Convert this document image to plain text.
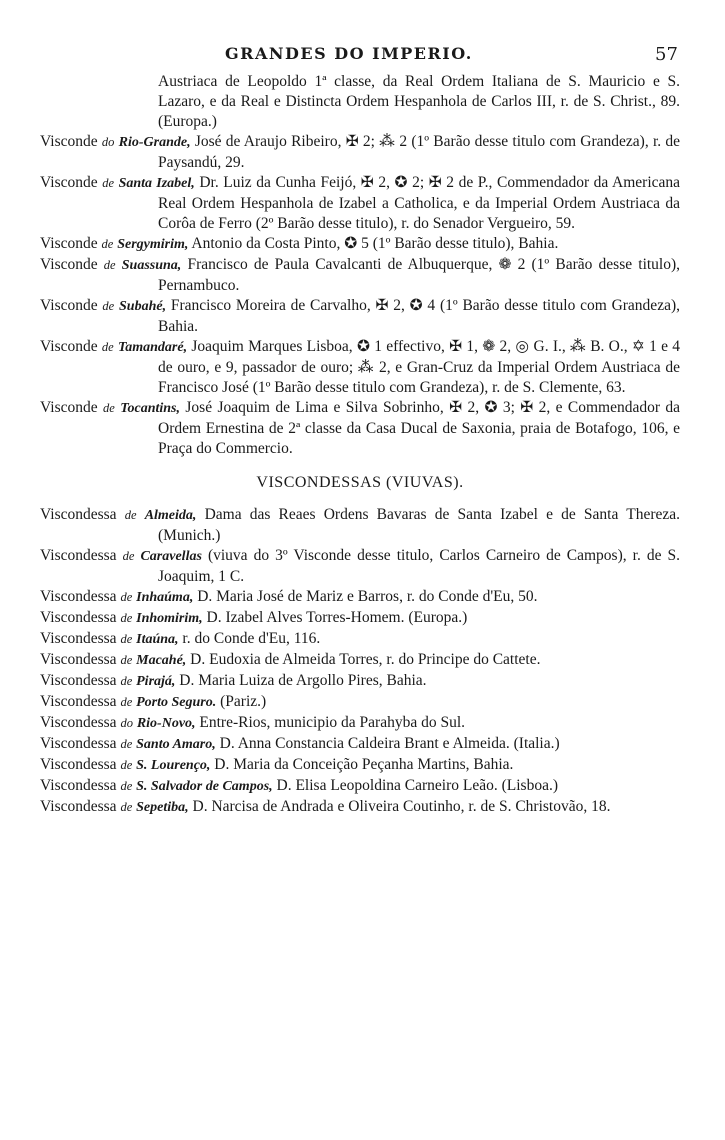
GRANDES DO IMPERIO.	57
Austriaca de Leopoldo 1ª classe, da Real Ordem Italiana de S. Mauricio e S. Lazaro, e da Real e Distincta Ordem Hespanhola de Carlos III, r. de S. Christ., 89. (Europa.)
Visconde do Rio-Grande, José de Araujo Ribeiro, ✠ 2; ⁂ 2 (1º Barão desse titulo com Grandeza), r. de Paysandú, 29.
Visconde de Santa Izabel, Dr. Luiz da Cunha Feijó, ✠ 2, ✪ 2; ✠ 2 de P., Commendador da Americana Real Ordem Hespanhola de Izabel a Catholica, e da Imperial Ordem Austriaca da Corôa de Ferro (2º Barão desse titulo), r. do Senador Vergueiro, 59.
Visconde de Sergymirim, Antonio da Costa Pinto, ✪ 5 (1º Barão desse titulo), Bahia.
Visconde de Suassuna, Francisco de Paula Cavalcanti de Albuquerque, ❁ 2 (1º Barão desse titulo), Pernambuco.
Visconde de Subahé, Francisco Moreira de Carvalho, ✠ 2, ✪ 4 (1º Barão desse titulo com Grandeza), Bahia.
Visconde de Tamandaré, Joaquim Marques Lisboa, ✪ 1 effectivo, ✠ 1, ❁ 2, ◎ G. I., ⁂ B. O., ✡ 1 e 4 de ouro, e 9, passador de ouro; ⁂ 2, e Gran-Cruz da Imperial Ordem Austriaca de Francisco José (1º Barão desse titulo com Grandeza), r. de S. Clemente, 63.
Visconde de Tocantins, José Joaquim de Lima e Silva Sobrinho, ✠ 2, ✪ 3; ✠ 2, e Commendador da Ordem Ernestina de 2ª classe da Casa Ducal de Saxonia, praia de Botafogo, 106, e Praça do Commercio.
VISCONDESSAS (VIUVAS).
Viscondessa de Almeida, Dama das Reaes Ordens Bavaras de Santa Izabel e de Santa Thereza. (Munich.)
Viscondessa de Caravellas (viuva do 3º Visconde desse titulo, Carlos Carneiro de Campos), r. de S. Joaquim, 1 C.
Viscondessa de Inhaúma, D. Maria José de Mariz e Barros, r. do Conde d'Eu, 50.
Viscondessa de Inhomirim, D. Izabel Alves Torres-Homem. (Europa.)
Viscondessa de Itaúna, r. do Conde d'Eu, 116.
Viscondessa de Macahé, D. Eudoxia de Almeida Torres, r. do Principe do Cattete.
Viscondessa de Pirajá, D. Maria Luiza de Argollo Pires, Bahia.
Viscondessa de Porto Seguro. (Pariz.)
Viscondessa do Rio-Novo, Entre-Rios, municipio da Parahyba do Sul.
Viscondessa de Santo Amaro, D. Anna Constancia Caldeira Brant e Almeida. (Italia.)
Viscondessa de S. Lourenço, D. Maria da Conceição Peçanha Martins, Bahia.
Viscondessa de S. Salvador de Campos, D. Elisa Leopoldina Carneiro Leão. (Lisboa.)
Viscondessa de Sepetiba, D. Narcisa de Andrada e Oliveira Coutinho, r. de S. Christovão, 18.
